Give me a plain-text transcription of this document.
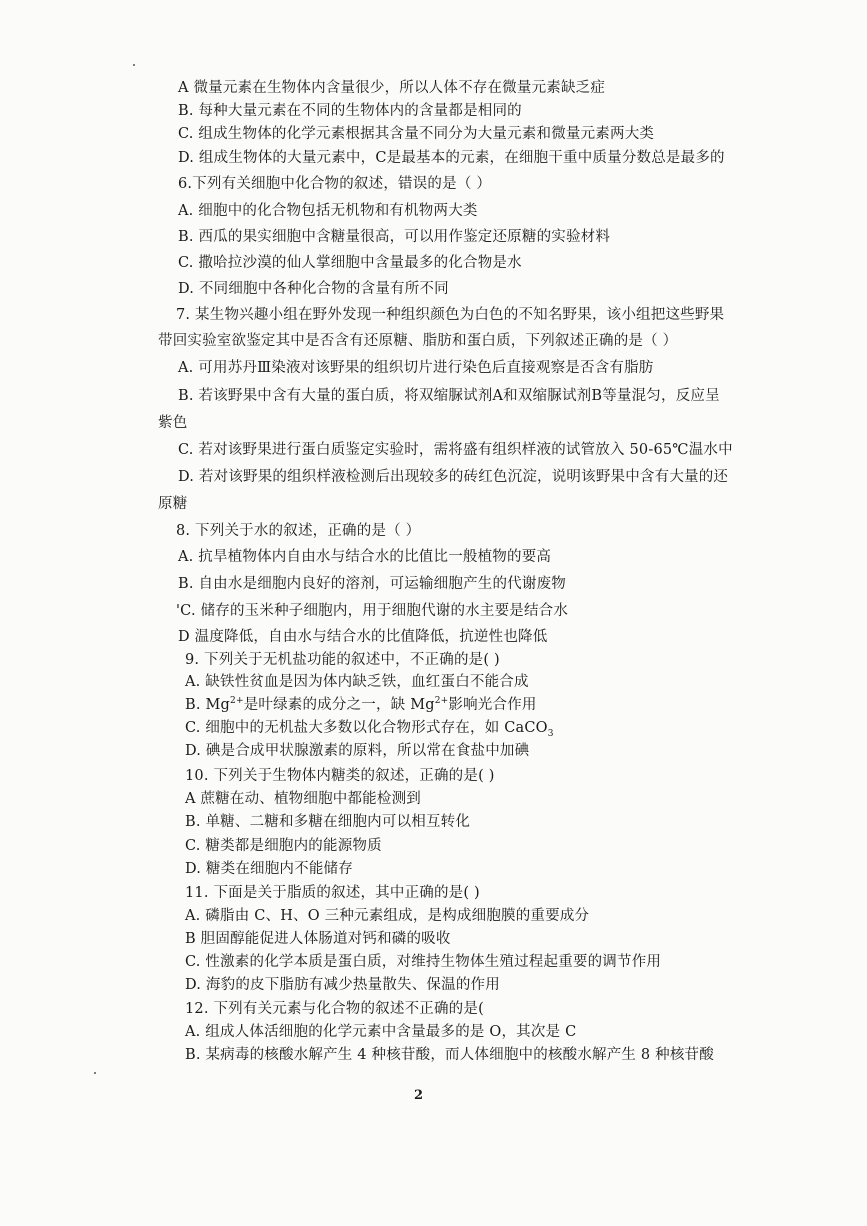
A 微量元素在生物体内含量很少，所以人体不存在微量元素缺乏症
B. 每种大量元素在不同的生物体内的含量都是相同的
C. 组成生物体的化学元素根据其含量不同分为大量元素和微量元素两大类
D. 组成生物体的大量元素中，C是最基本的元素，在细胞干重中质量分数总是最多的
6.下列有关细胞中化合物的叙述，错误的是（ ）
A. 细胞中的化合物包括无机物和有机物两大类
B. 西瓜的果实细胞中含糖量很高，可以用作鉴定还原糖的实验材料
C. 撒哈拉沙漠的仙人掌细胞中含量最多的化合物是水
D. 不同细胞中各种化合物的含量有所不同
7. 某生物兴趣小组在野外发现一种组织颜色为白色的不知名野果，该小组把这些野果
带回实验室欲鉴定其中是否含有还原糖、脂肪和蛋白质，下列叙述正确的是（ ）
A. 可用苏丹Ⅲ染液对该野果的组织切片进行染色后直接观察是否含有脂肪
B. 若该野果中含有大量的蛋白质，将双缩脲试剂A和双缩脲试剂B等量混匀，反应呈
紫色
C. 若对该野果进行蛋白质鉴定实验时，需将盛有组织样液的试管放入 50-65℃温水中
D. 若对该野果的组织样液检测后出现较多的砖红色沉淀，说明该野果中含有大量的还
原糖
8. 下列关于水的叙述，正确的是（ ）
A. 抗旱植物体内自由水与结合水的比值比一般植物的要高
B. 自由水是细胞内良好的溶剂，可运输细胞产生的代谢废物
'C. 储存的玉米种子细胞内，用于细胞代谢的水主要是结合水
D 温度降低，自由水与结合水的比值降低，抗逆性也降低
9. 下列关于无机盐功能的叙述中，不正确的是( )
A. 缺铁性贫血是因为体内缺乏铁，血红蛋白不能合成
B. $Mg^{2+}$是叶绿素的成分之一，缺 $Mg^{2+}$影响光合作用
C. 细胞中的无机盐大多数以化合物形式存在，如 CaCO$_3$
D. 碘是合成甲状腺激素的原料，所以常在食盐中加碘
10. 下列关于生物体内糖类的叙述，正确的是( )
A 蔗糖在动、植物细胞中都能检测到
B. 单糖、二糖和多糖在细胞内可以相互转化
C. 糖类都是细胞内的能源物质
D. 糖类在细胞内不能储存
11. 下面是关于脂质的叙述，其中正确的是( )
A. 磷脂由 C、H、O 三种元素组成，是构成细胞膜的重要成分
B 胆固醇能促进人体肠道对钙和磷的吸收
C. 性激素的化学本质是蛋白质，对维持生物体生殖过程起重要的调节作用
D. 海豹的皮下脂肪有减少热量散失、保温的作用
12. 下列有关元素与化合物的叙述不正确的是(
A. 组成人体活细胞的化学元素中含量最多的是 O，其次是 C
B. 某病毒的核酸水解产生 4 种核苷酸，而人体细胞中的核酸水解产生 8 种核苷酸
2
